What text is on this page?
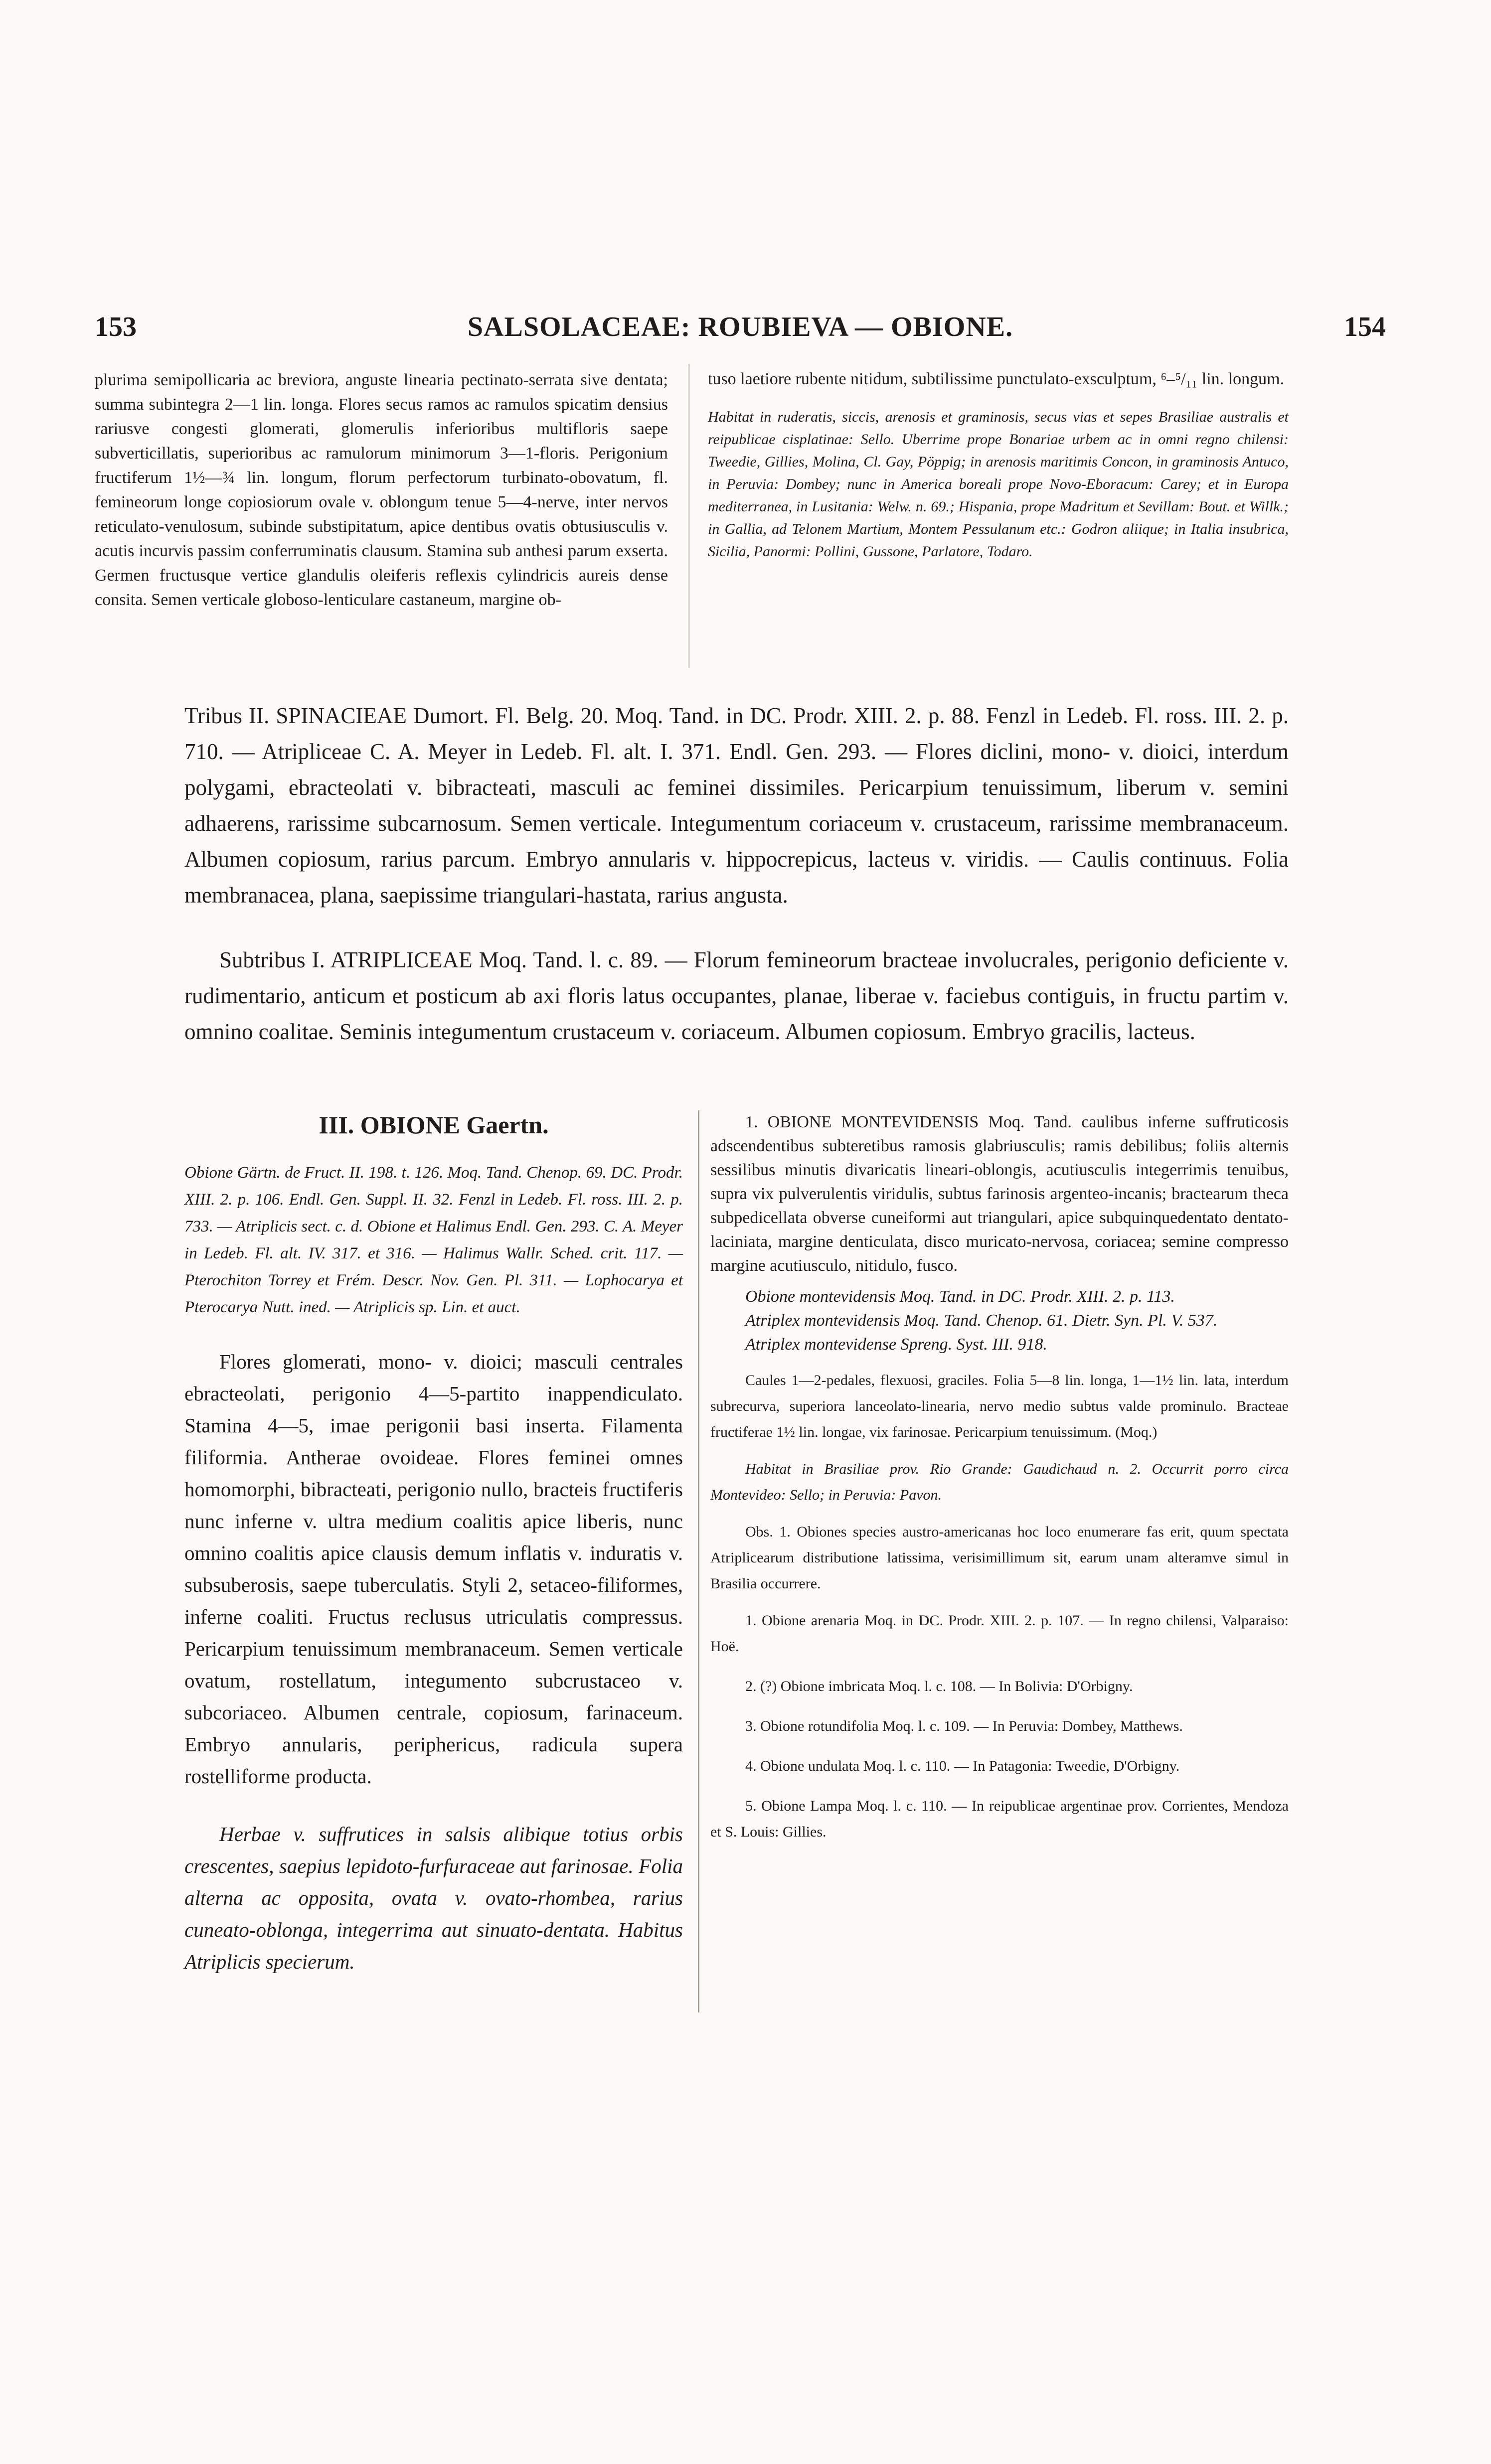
153	SALSOLACEAE: ROUBIEVA — OBIONE.	154

plurima semipollicaria ac breviora, anguste linearia pectinato-serrata sive dentata; summa subintegra 2—1 lin. longa. Flores secus ramos ac ramulos spicatim densius rariusve congesti glomerati, glomerulis inferioribus multifloris saepe subverticillatis, superioribus ac ramulorum minimorum 3—1-floris. Perigonium fructiferum 1½—¾ lin. longum, florum perfectorum turbinato-obovatum, fl. femineorum longe copiosiorum ovale v. oblongum tenue 5—4-nerve, inter nervos reticulato-venulosum, subinde substipitatum, apice dentibus ovatis obtusiusculis v. acutis incurvis passim conferruminatis clausum. Stamina sub anthesi parum exserta. Germen fructusque vertice glandulis oleiferis reflexis cylindricis aureis dense consita. Semen verticale globoso-lenticulare castaneum, margine ob-

tuso laetiore rubente nitidum, subtilissime punctulato-exsculptum, ⁶–⁵/₁₁ lin. longum.

Habitat in ruderatis, siccis, arenosis et graminosis, secus vias et sepes Brasiliae australis et reipublicae cisplatinae: Sello. Uberrime prope Bonariae urbem ac in omni regno chilensi: Tweedie, Gillies, Molina, Cl. Gay, Pöppig; in arenosis maritimis Concon, in graminosis Antuco, in Peruvia: Dombey; nunc in America boreali prope Novo-Eboracum: Carey; et in Europa mediterranea, in Lusitania: Welw. n. 69.; Hispania, prope Madritum et Sevillam: Bout. et Willk.; in Gallia, ad Telonem Martium, Montem Pessulanum etc.: Godron aliique; in Italia insubrica, Sicilia, Panormi: Pollini, Gussone, Parlatore, Todaro.

Tribus II. SPINACIEAE Dumort. Fl. Belg. 20. Moq. Tand. in DC. Prodr. XIII. 2. p. 88. Fenzl in Ledeb. Fl. ross. III. 2. p. 710. — Atripliceae C. A. Meyer in Ledeb. Fl. alt. I. 371. Endl. Gen. 293. — Flores diclini, mono- v. dioici, interdum polygami, ebracteolati v. bibracteati, masculi ac feminei dissimiles. Pericarpium tenuissimum, liberum v. semini adhaerens, rarissime subcarnosum. Semen verticale. Integumentum coriaceum v. crustaceum, rarissime membranaceum. Albumen copiosum, rarius parcum. Embryo annularis v. hippocrepicus, lacteus v. viridis. — Caulis continuus. Folia membranacea, plana, saepissime triangulari-hastata, rarius angusta.

Subtribus I. ATRIPLICEAE Moq. Tand. l. c. 89. — Florum femineorum bracteae involucrales, perigonio deficiente v. rudimentario, anticum et posticum ab axi floris latus occupantes, planae, liberae v. faciebus contiguis, in fructu partim v. omnino coalitae. Seminis integumentum crustaceum v. coriaceum. Albumen copiosum. Embryo gracilis, lacteus.

III. OBIONE Gaertn.

Obione Gärtn. de Fruct. II. 198. t. 126. Moq. Tand. Chenop. 69. DC. Prodr. XIII. 2. p. 106. Endl. Gen. Suppl. II. 32. Fenzl in Ledeb. Fl. ross. III. 2. p. 733. — Atriplicis sect. c. d. Obione et Halimus Endl. Gen. 293. C. A. Meyer in Ledeb. Fl. alt. IV. 317. et 316. — Halimus Wallr. Sched. crit. 117. — Pterochiton Torrey et Frém. Descr. Nov. Gen. Pl. 311. — Lophocarya et Pterocarya Nutt. ined. — Atriplicis sp. Lin. et auct.

Flores glomerati, mono- v. dioici; masculi centrales ebracteolati, perigonio 4—5-partito inappendiculato. Stamina 4—5, imae perigonii basi inserta. Filamenta filiformia. Antherae ovoideae. Flores feminei omnes homomorphi, bibracteati, perigonio nullo, bracteis fructiferis nunc inferne v. ultra medium coalitis apice liberis, nunc omnino coalitis apice clausis demum inflatis v. induratis v. subsuberosis, saepe tuberculatis. Styli 2, setaceo-filiformes, inferne coaliti. Fructus reclusus utriculatis compressus. Pericarpium tenuissimum membranaceum. Semen verticale ovatum, rostellatum, integumento subcrustaceo v. subcoriaceo. Albumen centrale, copiosum, farinaceum. Embryo annularis, periphericus, radicula supera rostelliforme producta.

Herbae v. suffrutices in salsis alibique totius orbis crescentes, saepius lepidoto-furfuraceae aut farinosae. Folia alterna ac opposita, ovata v. ovato-rhombea, rarius cuneato-oblonga, integerrima aut sinuato-dentata. Habitus Atriplicis specierum.

1. OBIONE MONTEVIDENSIS Moq. Tand. caulibus inferne suffruticosis adscendentibus subteretibus ramosis glabriusculis; ramis debilibus; foliis alternis sessilibus minutis divaricatis lineari-oblongis, acutiusculis integerrimis tenuibus, supra vix pulverulentis viridulis, subtus farinosis argenteo-incanis; bractearum theca subpedicellata obverse cuneiformi aut triangulari, apice subquinquedentato dentato-laciniata, margine denticulata, disco muricato-nervosa, coriacea; semine compresso margine acutiusculo, nitidulo, fusco.

Obione montevidensis Moq. Tand. in DC. Prodr. XIII. 2. p. 113.

Atriplex montevidensis Moq. Tand. Chenop. 61. Dietr. Syn. Pl. V. 537.

Atriplex montevidense Spreng. Syst. III. 918.

Caules 1—2-pedales, flexuosi, graciles. Folia 5—8 lin. longa, 1—1½ lin. lata, interdum subrecurva, superiora lanceolato-linearia, nervo medio subtus valde prominulo. Bracteae fructiferae 1½ lin. longae, vix farinosae. Pericarpium tenuissimum. (Moq.)

Habitat in Brasiliae prov. Rio Grande: Gaudichaud n. 2. Occurrit porro circa Montevideo: Sello; in Peruvia: Pavon.

Obs. 1. Obiones species austro-americanas hoc loco enumerare fas erit, quum spectata Atriplicearum distributione latissima, verisimillimum sit, earum unam alteramve simul in Brasilia occurrere.

1. Obione arenaria Moq. in DC. Prodr. XIII. 2. p. 107. — In regno chilensi, Valparaiso: Hoë.

2. (?) Obione imbricata Moq. l. c. 108. — In Bolivia: D'Orbigny.

3. Obione rotundifolia Moq. l. c. 109. — In Peruvia: Dombey, Matthews.

4. Obione undulata Moq. l. c. 110. — In Patagonia: Tweedie, D'Orbigny.

5. Obione Lampa Moq. l. c. 110. — In reipublicae argentinae prov. Corrientes, Mendoza et S. Louis: Gillies.
